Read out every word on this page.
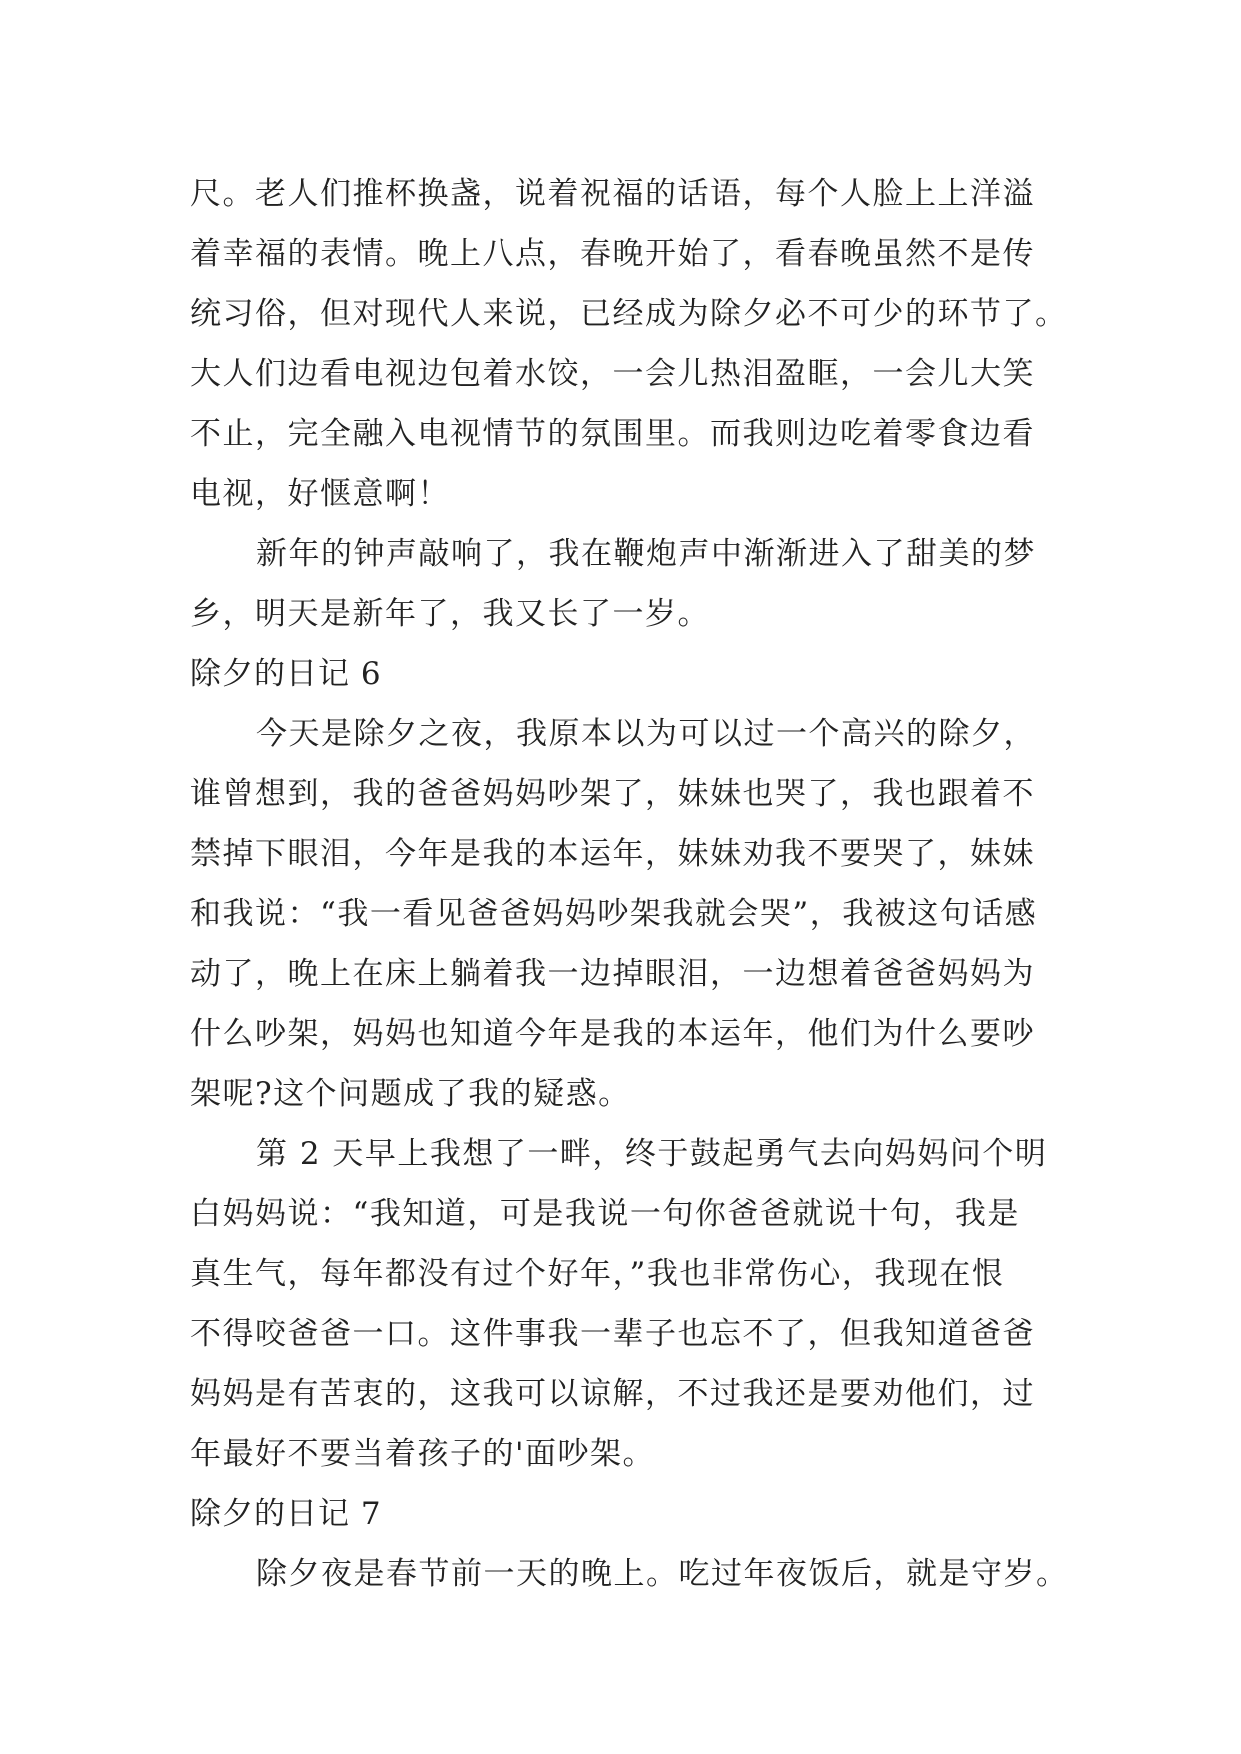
尺。老人们推杯换盏，说着祝福的话语，每个人脸上上洋溢
着幸福的表情。晚上八点，春晚开始了，看春晚虽然不是传
统习俗，但对现代人来说，已经成为除夕必不可少的环节了。
大人们边看电视边包着水饺，一会儿热泪盈眶，一会儿大笑
不止，完全融入电视情节的氛围里。而我则边吃着零食边看
电视，好惬意啊！
新年的钟声敲响了，我在鞭炮声中渐渐进入了甜美的梦
乡，明天是新年了，我又长了一岁。
除夕的日记 6
今天是除夕之夜，我原本以为可以过一个高兴的除夕，
谁曾想到，我的爸爸妈妈吵架了，妹妹也哭了，我也跟着不
禁掉下眼泪，今年是我的本运年，妹妹劝我不要哭了，妹妹
和我说：“我一看见爸爸妈妈吵架我就会哭”，我被这句话感
动了，晚上在床上躺着我一边掉眼泪，一边想着爸爸妈妈为
什么吵架，妈妈也知道今年是我的本运年，他们为什么要吵
架呢?这个问题成了我的疑惑。
第 2 天早上我想了一畔，终于鼓起勇气去向妈妈问个明
白妈妈说：“我知道，可是我说一句你爸爸就说十句，我是
真生气，每年都没有过个好年，”我也非常伤心，我现在恨
不得咬爸爸一口。这件事我一辈子也忘不了，但我知道爸爸
妈妈是有苦衷的，这我可以谅解，不过我还是要劝他们，过
年最好不要当着孩子的'面吵架。
除夕的日记 7
除夕夜是春节前一天的晚上。吃过年夜饭后，就是守岁。
